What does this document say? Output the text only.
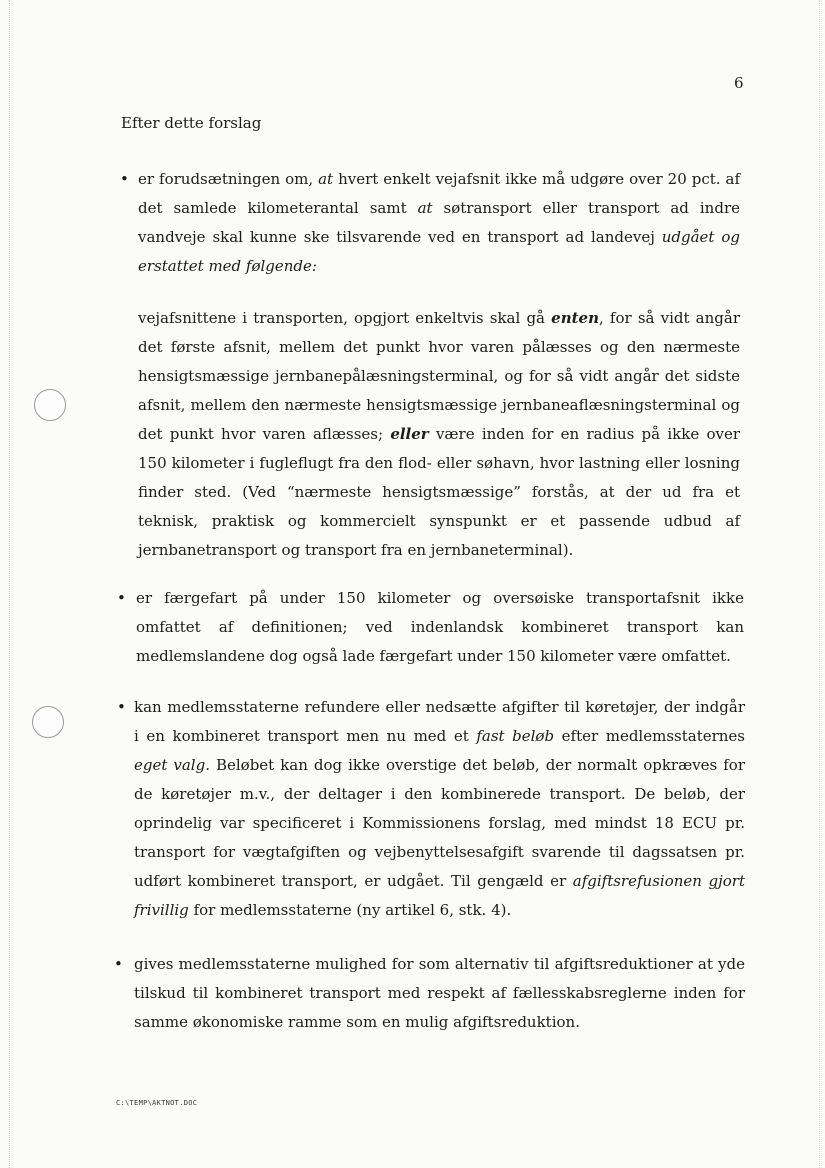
6
Efter dette forslag
• er forudsætningen om, at hvert enkelt vejafsnit ikke må udgøre over 20 pct. af det samlede kilometerantal samt at søtransport eller transport ad indre vandveje skal kunne ske tilsvarende ved en transport ad landevej udgået og erstattet med følgende:
vejafsnittene i transporten, opgjort enkeltvis skal gå enten, for så vidt angår det første afsnit, mellem det punkt hvor varen pålæsses og den nærmeste hensigtsmæssige jernbanepålæsningsterminal, og for så vidt angår det sidste afsnit, mellem den nærmeste hensigtsmæssige jernbaneaflæsningsterminal og det punkt hvor varen aflæsses; eller være inden for en radius på ikke over 150 kilometer i fugleflugt fra den flod- eller søhavn, hvor lastning eller losning finder sted. (Ved “nærmeste hensigtsmæssige” forstås, at der ud fra et teknisk, praktisk og kommercielt synspunkt er et passende udbud af jernbanetransport og transport fra en jernbaneterminal).
• er færgefart på under 150 kilometer og oversøiske transportafsnit ikke omfattet af definitionen; ved indenlandsk kombineret transport kan medlemslandene dog også lade færgefart under 150 kilometer være omfattet.
• kan medlemsstaterne refundere eller nedsætte afgifter til køretøjer, der indgår i en kombineret transport men nu med et fast beløb efter medlemsstaternes eget valg. Beløbet kan dog ikke overstige det beløb, der normalt opkræves for de køretøjer m.v., der deltager i den kombinerede transport. De beløb, der oprindelig var specificeret i Kommissionens forslag, med mindst 18 ECU pr. transport for vægtafgiften og vejbenyttelsesafgift svarende til dagssatsen pr. udført kombineret transport, er udgået. Til gengæld er afgiftsrefusionen gjort frivillig for medlemsstaterne (ny artikel 6, stk. 4).
• gives medlemsstaterne mulighed for som alternativ til afgiftsreduktioner at yde tilskud til kombineret transport med respekt af fællesskabsreglerne inden for samme økonomiske ramme som en mulig afgiftsreduktion.
C:\TEMP\AKTNOT.DOC
